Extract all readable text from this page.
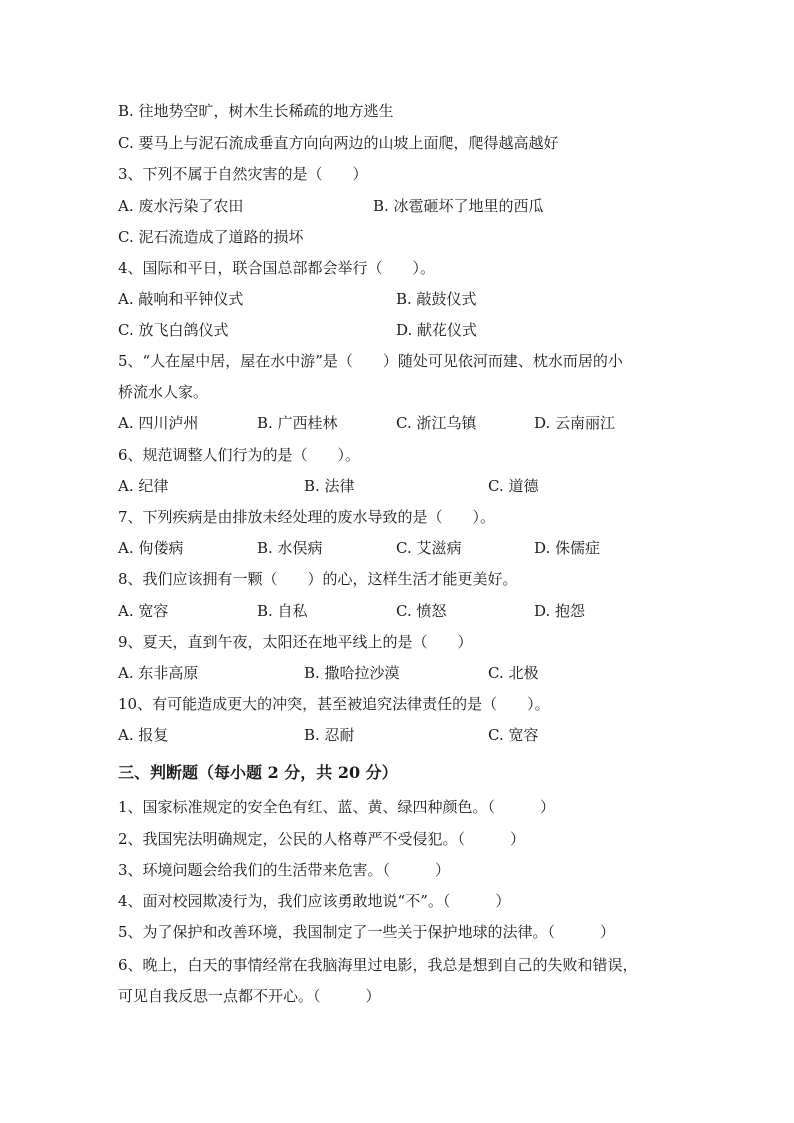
B. 往地势空旷，树木生长稀疏的地方逃生
C. 要马上与泥石流成垂直方向向两边的山坡上面爬，爬得越高越好
3、下列不属于自然灾害的是（　　）
A. 废水污染了农田	B. 冰雹砸坏了地里的西瓜
C. 泥石流造成了道路的损坏
4、国际和平日，联合国总部都会举行（　　）。
A. 敲响和平钟仪式	B. 敲鼓仪式
C. 放飞白鸽仪式	D. 献花仪式
5、“人在屋中居，屋在水中游”是（　　）随处可见依河而建、枕水而居的小
桥流水人家。
A. 四川泸州	B. 广西桂林	C. 浙江乌镇	D. 云南丽江
6、规范调整人们行为的是（　　）。
A. 纪律	B. 法律	C. 道德
7、下列疾病是由排放未经处理的废水导致的是（　　）。
A. 佝偻病	B. 水俣病	C. 艾滋病	D. 侏儒症
8、我们应该拥有一颗（　　）的心，这样生活才能更美好。
A. 宽容	B. 自私	C. 愤怒	D. 抱怨
9、夏天，直到午夜，太阳还在地平线上的是（　　）
A. 东非高原	B. 撒哈拉沙漠	C. 北极
10、有可能造成更大的冲突，甚至被追究法律责任的是（　　）。
A. 报复	B. 忍耐	C. 宽容
三、判断题（每小题 2 分，共 20 分）
1、国家标准规定的安全色有红、蓝、黄、绿四种颜色。（　　　）
2、我国宪法明确规定，公民的人格尊严不受侵犯。（　　　）
3、环境问题会给我们的生活带来危害。（　　　）
4、面对校园欺凌行为，我们应该勇敢地说“不”。（　　　）
5、为了保护和改善环境，我国制定了一些关于保护地球的法律。（　　　）
6、晚上，白天的事情经常在我脑海里过电影，我总是想到自己的失败和错误，
可见自我反思一点都不开心。（　　　）
